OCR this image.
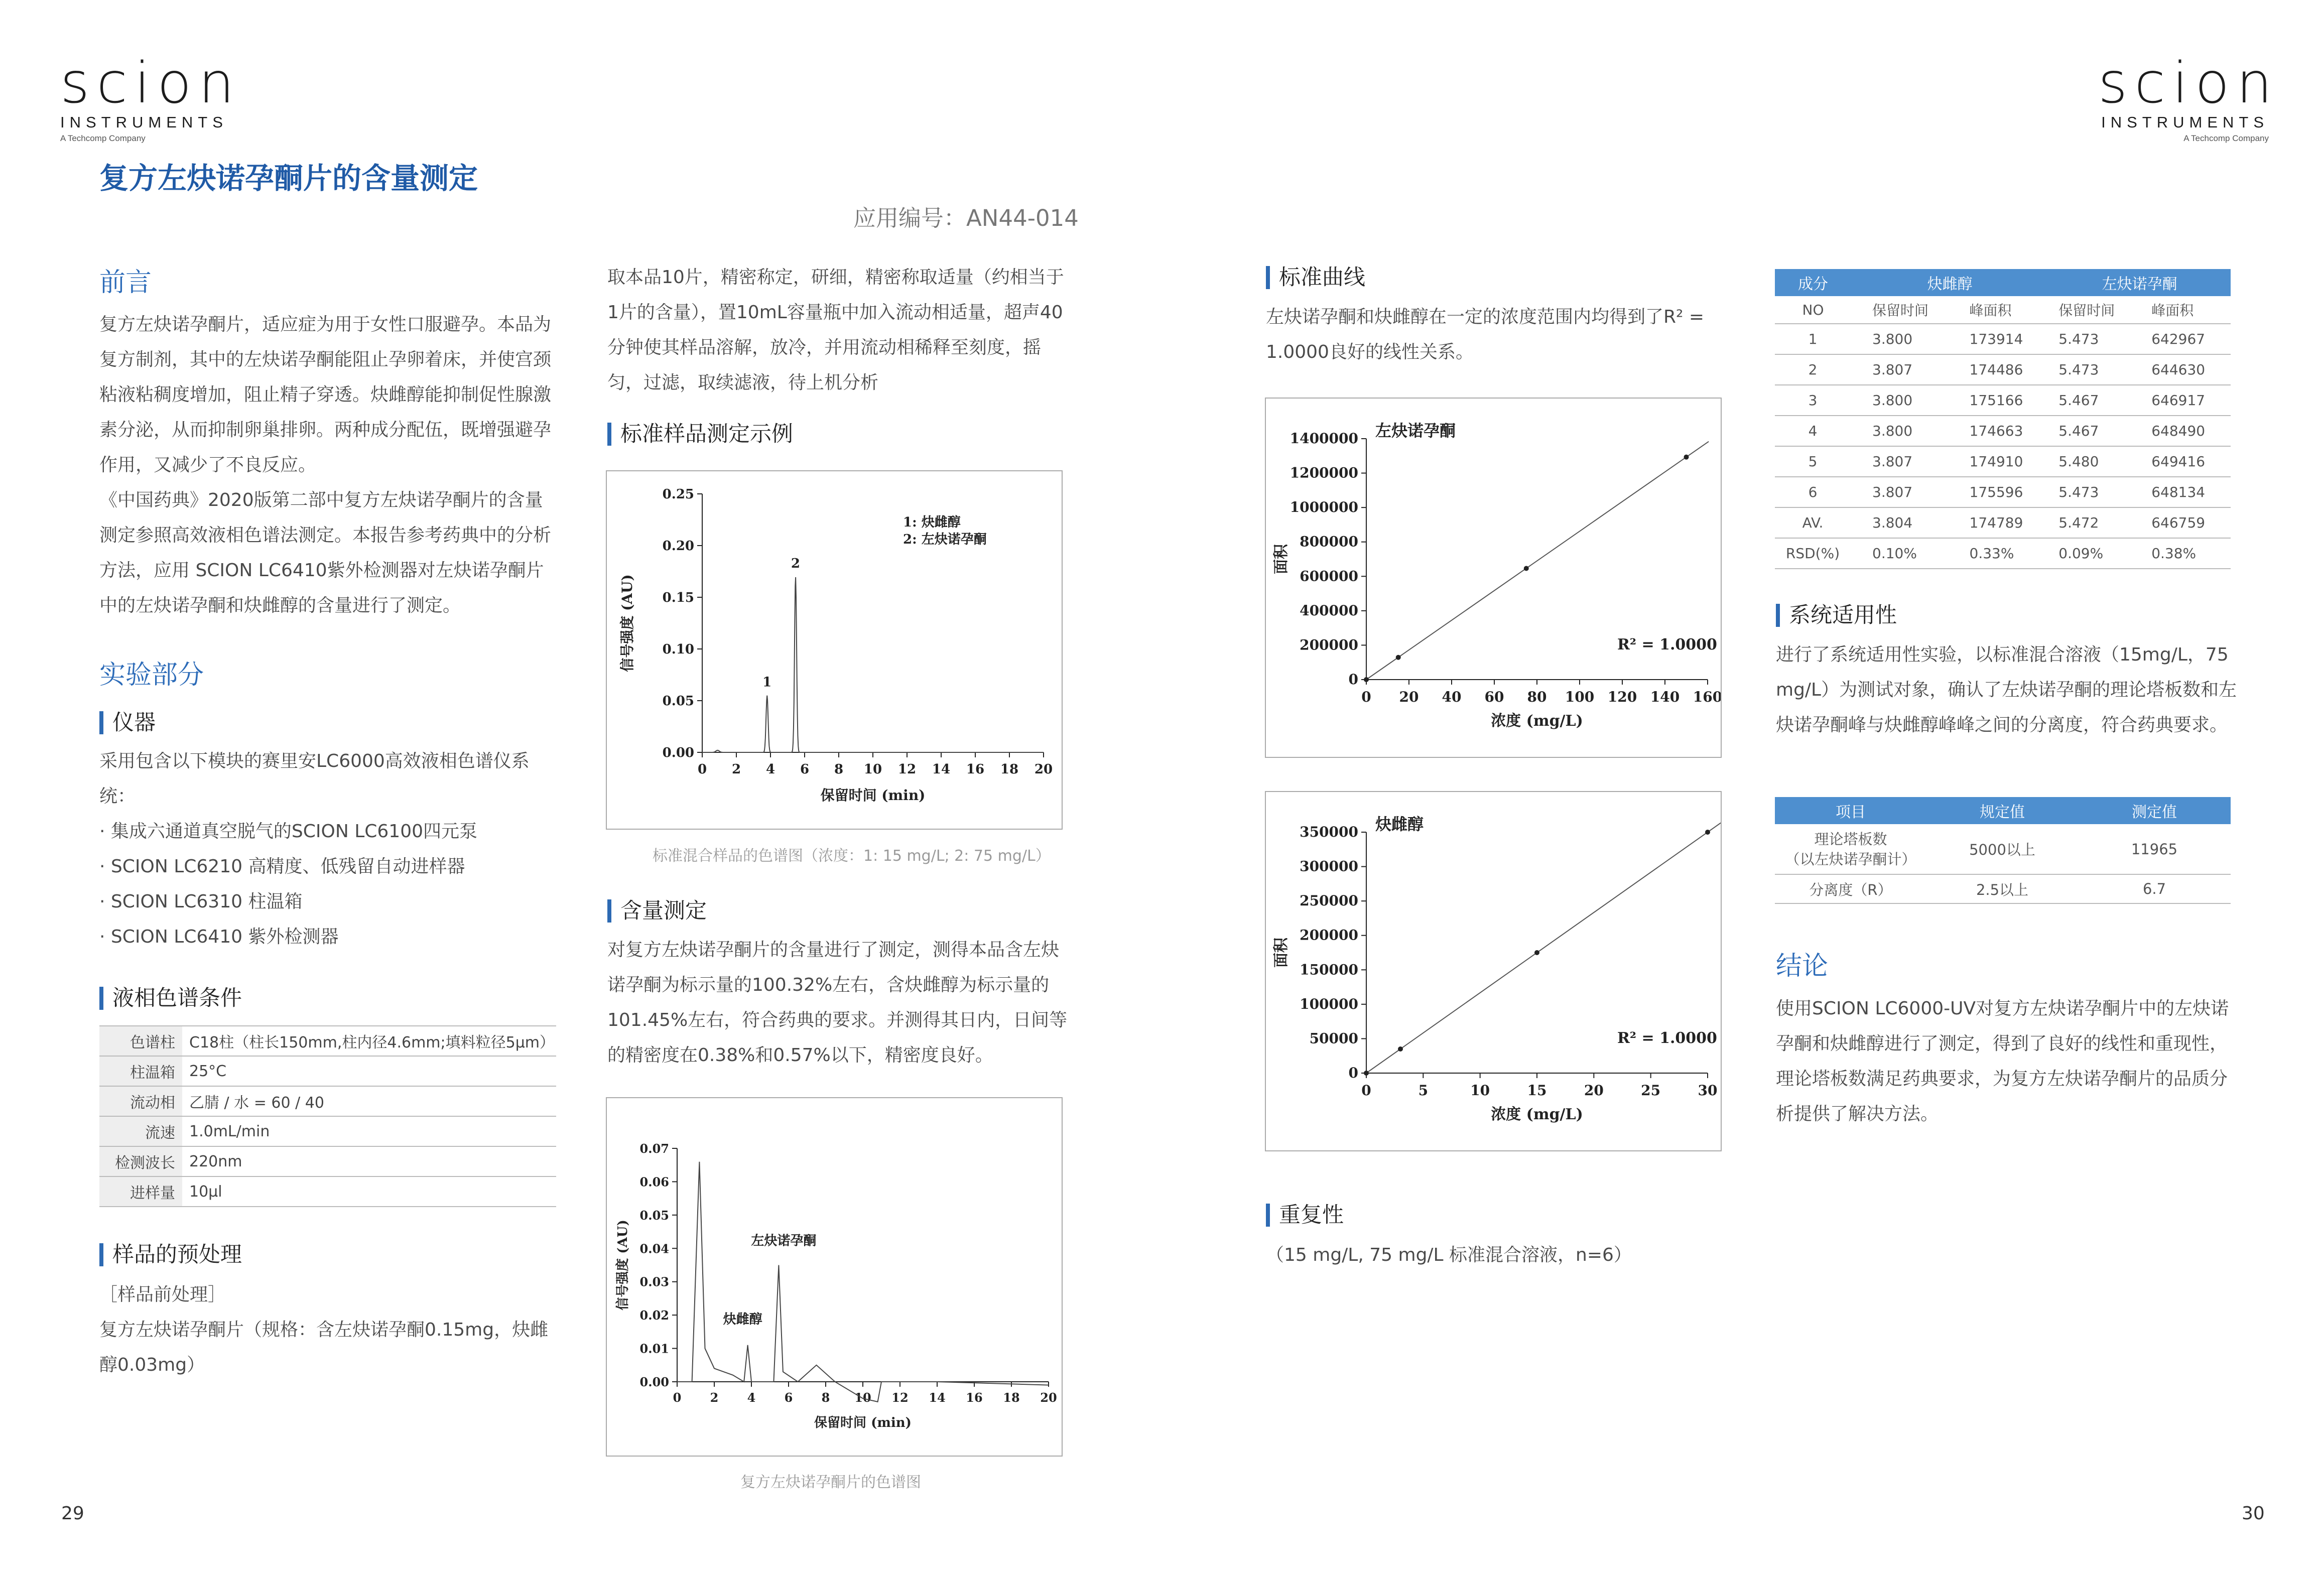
scion
INSTRUMENTS
A Techcomp Company
scion
INSTRUMENTS
A Techcomp Company
复方左炔诺孕酮片的含量测定
应用编号：AN44-014
前言

复方左炔诺孕酮片，适应症为用于女性口服避孕。本品为复方制剂，其中的左炔诺孕酮能阻止孕卵着床，并使宫颈粘液粘稠度增加，阻止精子穿透。炔雌醇能抑制促性腺激素分泌，从而抑制卵巢排卵。两种成分配伍，既增强避孕作用，又减少了不良反应。

《中国药典》2020版第二部中复方左炔诺孕酮片的含量测定参照高效液相色谱法测定。本报告参考药典中的分析方法，应用 SCION LC6410紫外检测器对左炔诺孕酮片中的左炔诺孕酮和炔雌醇的含量进行了测定。

实验部分
仪器

采用包含以下模块的赛里安LC6000高效液相色谱仪系统：

· 集成六通道真空脱气的SCION LC6100四元泵

· SCION LC6210 高精度、低残留自动进样器

· SCION LC6310 柱温箱

· SCION LC6410 紫外检测器

液相色谱条件
色谱柱	C18柱（柱长150mm,柱内径4.6mm;填料粒径5μm）
柱温箱	25°C
流动相	乙腈 / 水 = 60 / 40
流速	1.0mL/min
检测波长	220nm
进样量	10μl
样品的预处理

［样品前处理］

复方左炔诺孕酮片（规格：含左炔诺孕酮0.15mg，炔雌醇0.03mg）

取本品10片，精密称定，研细，精密称取适量（约相当于1片的含量），置10mL容量瓶中加入流动相适量，超声40分钟使其样品溶解，放冷，并用流动相稀释至刻度，摇匀，过滤，取续滤液，待上机分析
标准样品测定示例
0 2 4 6 8 10 12 14 16 18 20
0.00
0.05
0.10
0.15
0.20
0.25
保留时间 (min)
信号强度 (AU)
1
2
1: 炔雌醇
2: 左炔诺孕酮
标准混合样品的色谱图（浓度：1: 15 mg/L; 2: 75 mg/L）
含量测定
对复方左炔诺孕酮片的含量进行了测定，测得本品含左炔诺孕酮为标示量的100.32%左右，含炔雌醇为标示量的101.45%左右，符合药典的要求。并测得其日内，日间等的精密度在0.38%和0.57%以下，精密度良好。
0 2 4 6 8 10 12 14 16 18 20
0.00
0.01
0.02
0.03
0.04
0.05
0.06
0.07
保留时间 (min)
信号强度 (AU)
炔雌醇
左炔诺孕酮
复方左炔诺孕酮片的色谱图
标准曲线
左炔诺孕酮和炔雌醇在一定的浓度范围内均得到了R² = 1.0000良好的线性关系。
0 20 40 60 80 100 120 140 160
0
200000
400000
600000
800000
1000000
1200000
1400000
浓度 (mg/L)
面积
左炔诺孕酮
R² = 1.0000
0	5	10	15	20	25	30
0
50000
100000
150000
200000
250000
300000
350000
浓度 (mg/L)
面积
炔雌醇
R² = 1.0000
重复性
（15 mg/L, 75 mg/L 标准混合溶液，n=6）
成分	炔雌醇		左炔诺孕酮	
NO	保留时间	峰面积	保留时间	峰面积
1	3.800	173914	5.473	642967
2	3.807	174486	5.473	644630
3	3.800	175166	5.467	646917
4	3.800	174663	5.467	648490
5	3.807	174910	5.480	649416
6	3.807	175596	5.473	648134
AV.	3.804	174789	5.472	646759
RSD(%)	0.10%	0.33%	0.09%	0.38%
系统适用性
进行了系统适用性实验，以标准混合溶液（15mg/L，75 mg/L）为测试对象，确认了左炔诺孕酮的理论塔板数和左炔诺孕酮峰与炔雌醇峰峰之间的分离度，符合药典要求。
项目	规定值	测定值
理论塔板数
（以左炔诺孕酮计）	5000以上	11965
分离度（R）	2.5以上	6.7
结论
使用SCION LC6000-UV对复方左炔诺孕酮片中的左炔诺孕酮和炔雌醇进行了测定，得到了良好的线性和重现性，理论塔板数满足药典要求，为复方左炔诺孕酮片的品质分析提供了解决方法。
29	30
